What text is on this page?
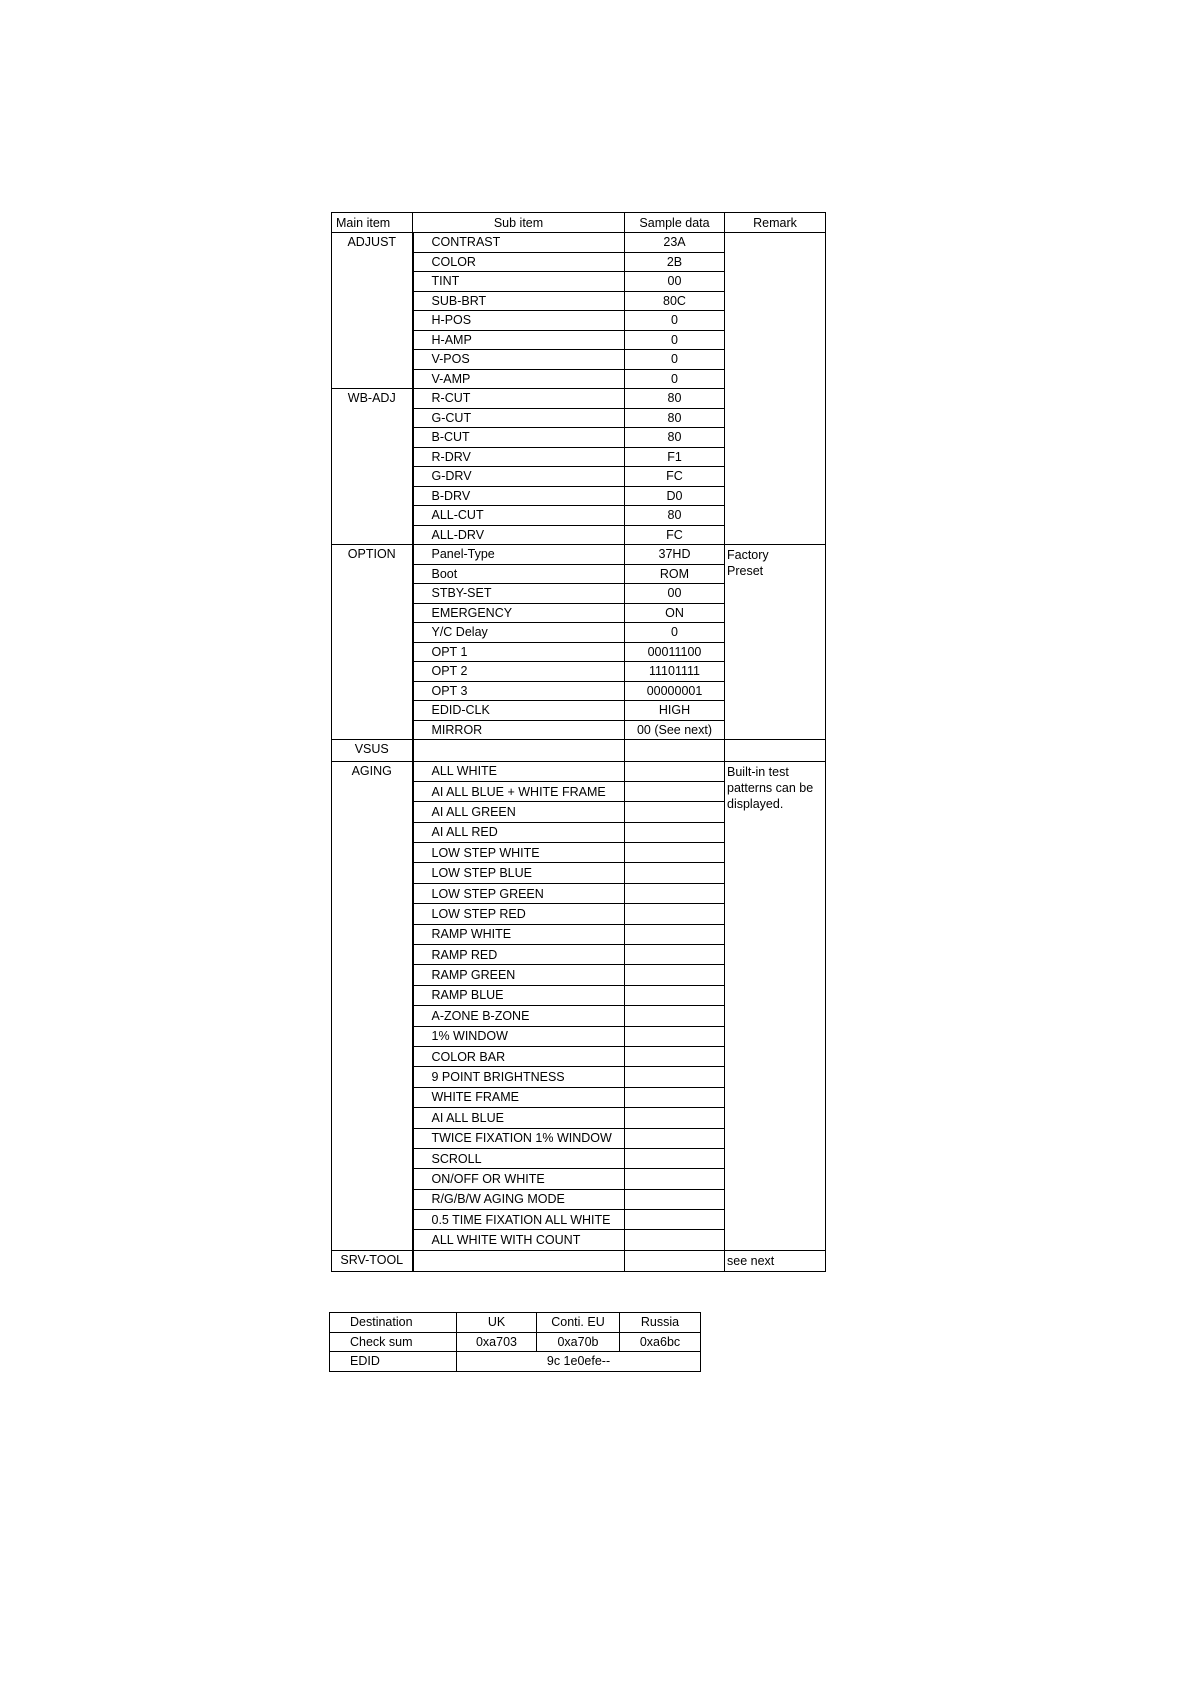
Main item	Sub item	Sample data	Remark
ADJUST	CONTRAST	23A	
	COLOR	2B	
	TINT	00	
	SUB-BRT	80C	
	H-POS	0	
	H-AMP	0	
	V-POS	0	
	V-AMP	0	
WB-ADJ	R-CUT	80	
	G-CUT	80	
	B-CUT	80	
	R-DRV	F1	
	G-DRV	FC	
	B-DRV	D0	
	ALL-CUT	80	
	ALL-DRV	FC	
OPTION	Panel-Type	37HD	Factory
Preset
	Boot	ROM	
	STBY-SET	00	
	EMERGENCY	ON	
	Y/C Delay	0	
	OPT 1	00011100	
	OPT 2	11101111	
	OPT 3	00000001	
	EDID-CLK	HIGH	
	MIRROR	00 (See next)	
VSUS			
AGING	ALL WHITE		Built-in test
patterns can be
displayed.
	AI ALL BLUE + WHITE FRAME		
	AI ALL GREEN		
	AI ALL RED		
	LOW STEP WHITE		
	LOW STEP BLUE		
	LOW STEP GREEN		
	LOW STEP RED		
	RAMP WHITE		
	RAMP RED		
	RAMP GREEN		
	RAMP BLUE		
	A-ZONE B-ZONE		
	1% WINDOW		
	COLOR BAR		
	9 POINT BRIGHTNESS		
	WHITE FRAME		
	AI ALL BLUE		
	TWICE FIXATION 1% WINDOW		
	SCROLL		
	ON/OFF OR WHITE		
	R/G/B/W AGING MODE		
	0.5 TIME FIXATION ALL WHITE		
	ALL WHITE WITH COUNT		
SRV-TOOL			see next
Destination	UK	Conti. EU	Russia
Check sum	0xa703	0xa70b	0xa6bc
EDID	9c 1e0efe--		
